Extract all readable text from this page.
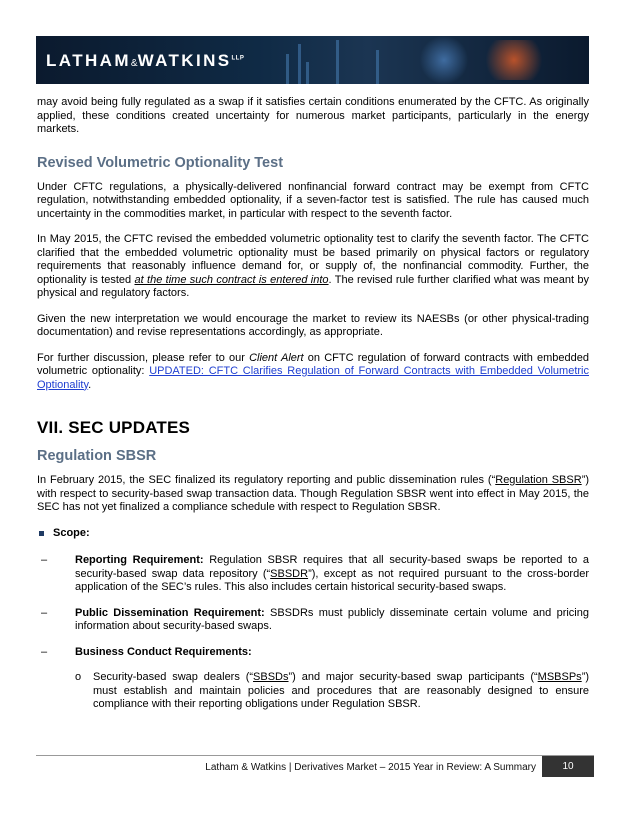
$LATHAM\&WATKINS^{LLP}$

may avoid being fully regulated as a swap if it satisfies certain conditions enumerated by the CFTC. As originally applied, these conditions created uncertainty for numerous market participants, particularly in the energy markets.

Revised Volumetric Optionality Test

Under CFTC regulations, a physically-delivered nonfinancial forward contract may be exempt from CFTC regulation, notwithstanding embedded optionality, if a seven-factor test is satisfied. The rule has caused much uncertainty in the commodities market, in particular with respect to the seventh factor.

In May 2015, the CFTC revised the embedded volumetric optionality test to clarify the seventh factor. The CFTC clarified that the embedded volumetric optionality must be based primarily on physical factors or regulatory requirements that reasonably influence demand for, or supply of, the nonfinancial commodity. Further, the optionality is tested at the time such contract is entered into. The revised rule further clarified what was meant by physical and regulatory factors.

Given the new interpretation we would encourage the market to review its NAESBs (or other physical-trading documentation) and revise representations accordingly, as appropriate.

For further discussion, please refer to our Client Alert on CFTC regulation of forward contracts with embedded volumetric optionality: UPDATED: CFTC Clarifies Regulation of Forward Contracts with Embedded Volumetric Optionality.

VII. SEC UPDATES
Regulation SBSR

In February 2015, the SEC finalized its regulatory reporting and public dissemination rules (“Regulation SBSR”) with respect to security-based swap transaction data. Though Regulation SBSR went into effect in May 2015, the SEC has not yet finalized a compliance schedule with respect to Regulation SBSR.

Scope:
–	Reporting Requirement: Regulation SBSR requires that all security-based swaps be reported to a security-based swap data repository (“SBSDR”), except as not required pursuant to the cross-border application of the SEC’s rules. This also includes certain historical security-based swaps.
–	Public Dissemination Requirement: SBSDRs must publicly disseminate certain volume and pricing information about security-based swaps.
–	Business Conduct Requirements:
o Security-based swap dealers (“SBSDs”) and major security-based swap participants (“MSBSPs”) must establish and maintain policies and procedures that are reasonably designed to ensure compliance with their reporting obligations under Regulation SBSR.
Latham & Watkins | Derivatives Market – 2015 Year in Review: A Summary	10
